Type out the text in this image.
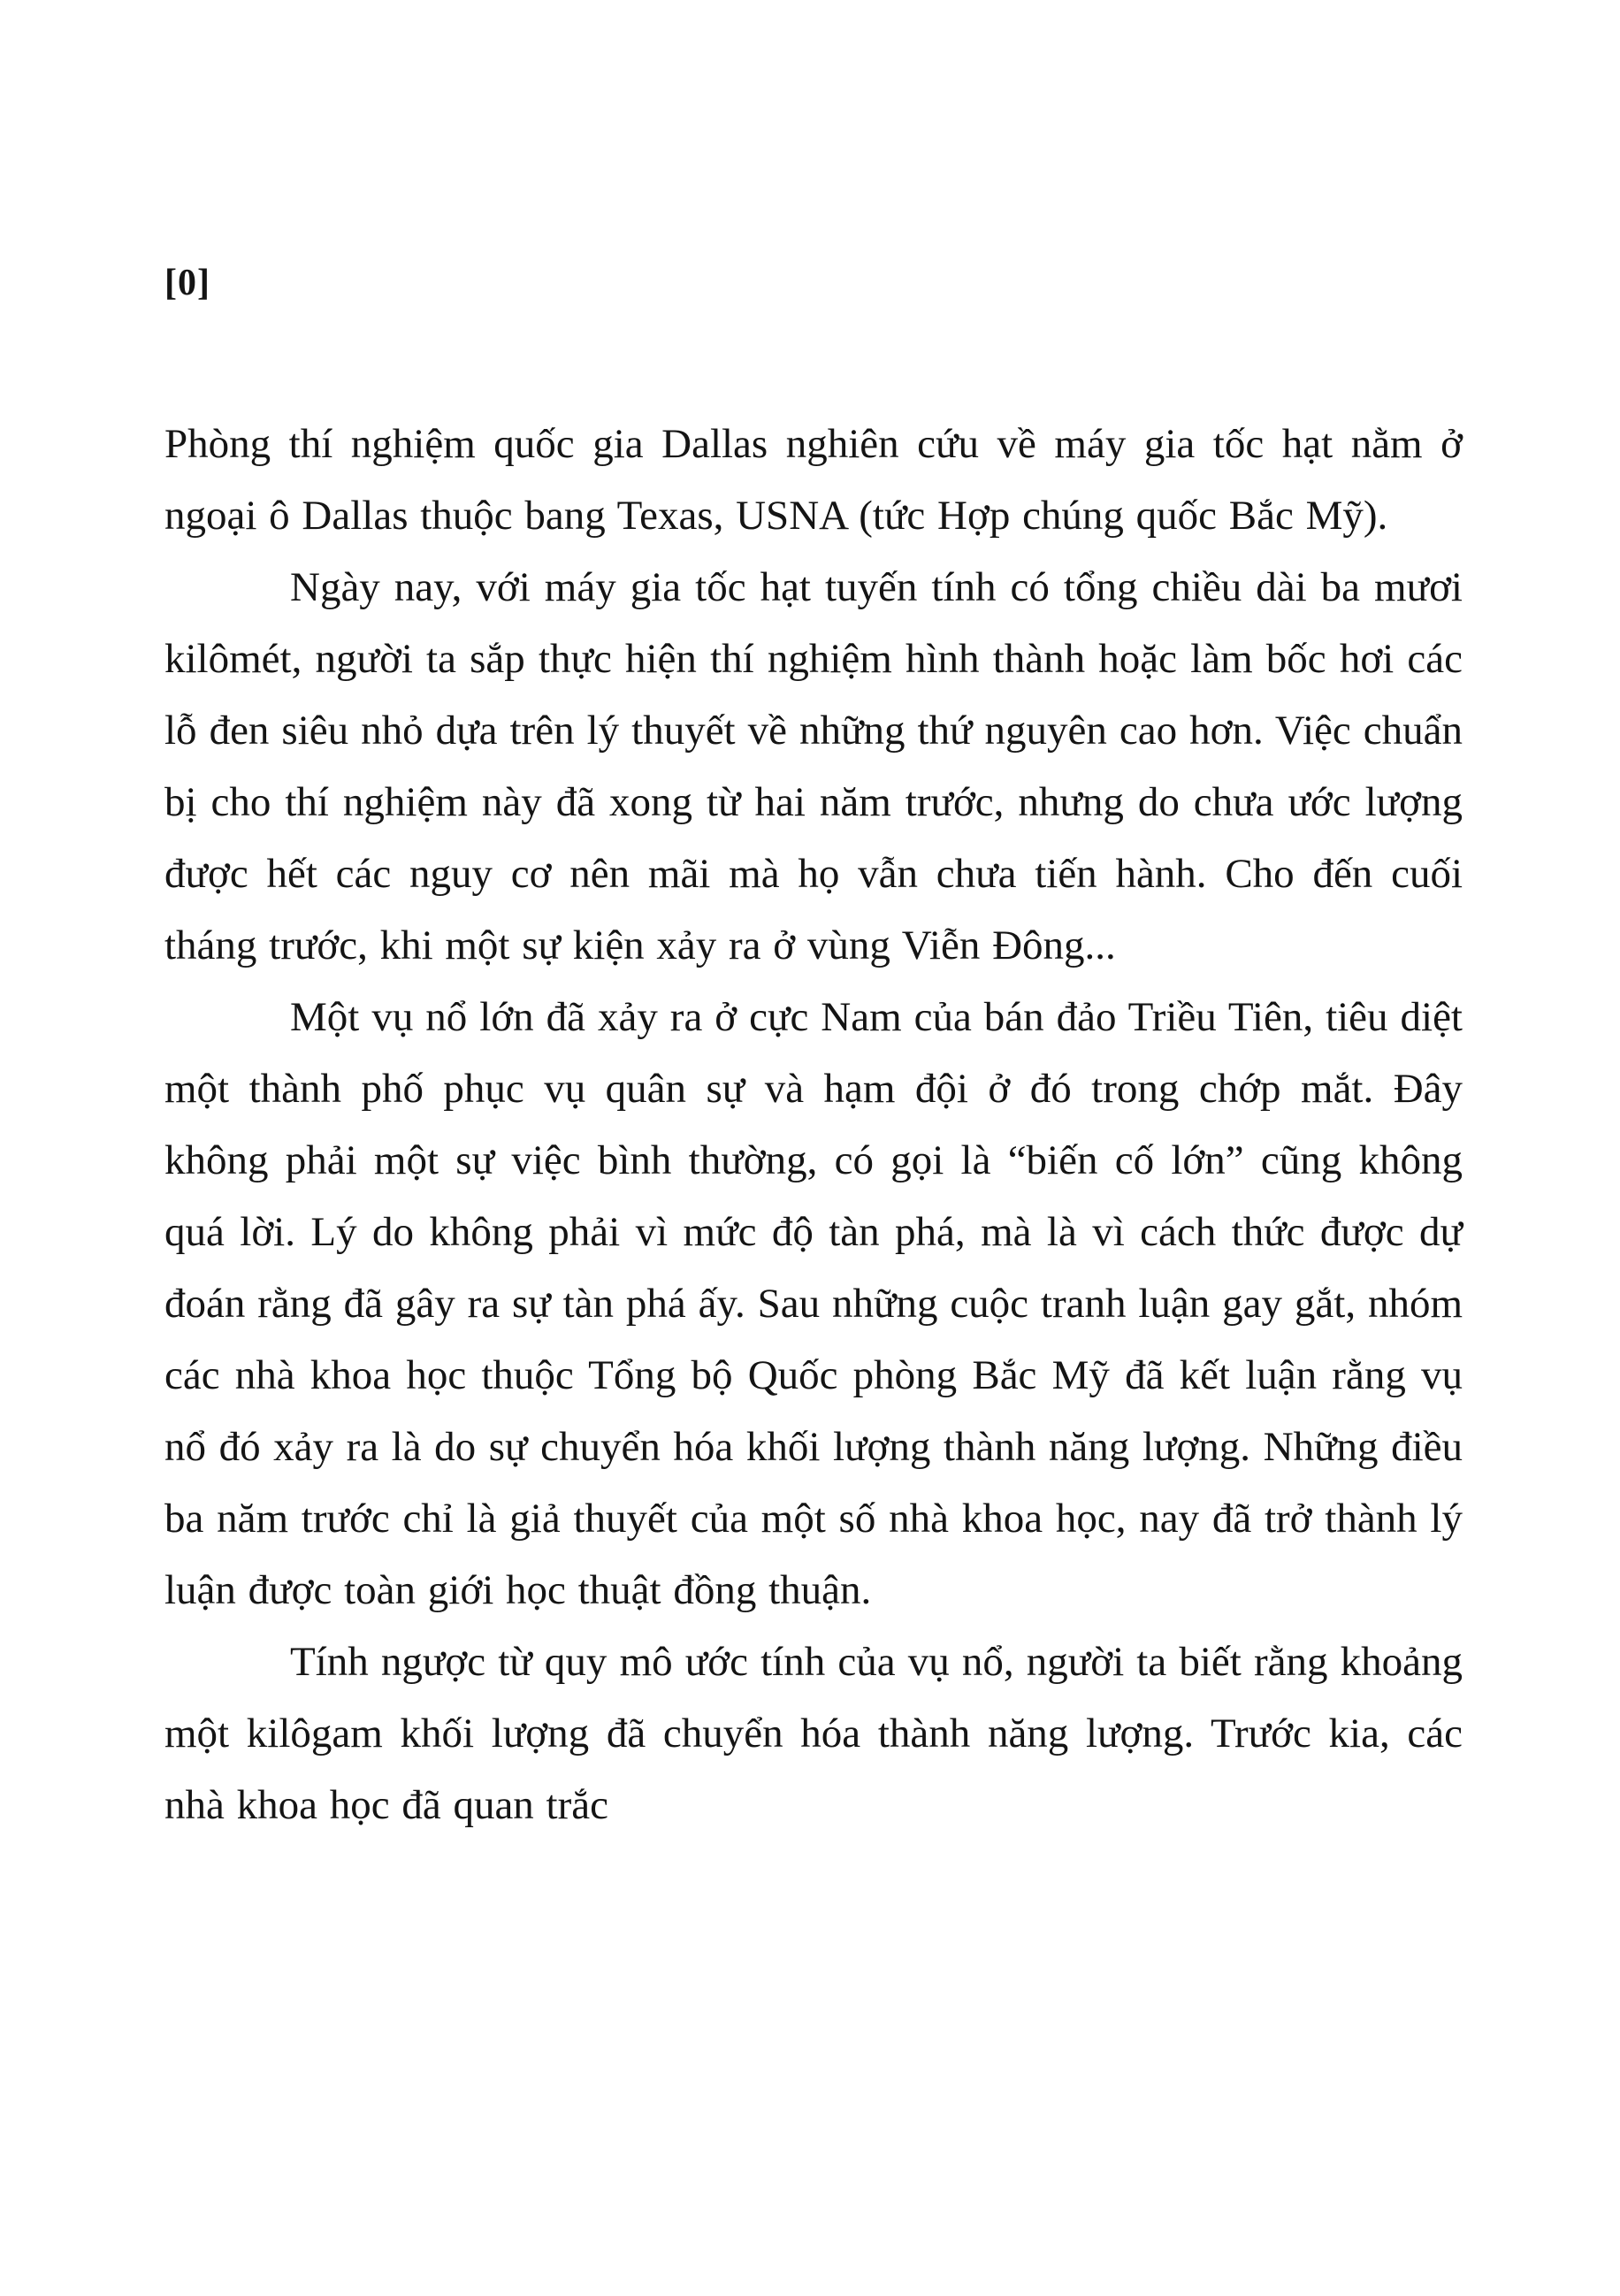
[0]

Phòng thí nghiệm quốc gia Dallas nghiên cứu về máy gia tốc hạt nằm ở ngoại ô Dallas thuộc bang Texas, USNA (tức Hợp chúng quốc Bắc Mỹ).

Ngày nay, với máy gia tốc hạt tuyến tính có tổng chiều dài ba mươi kilômét, người ta sắp thực hiện thí nghiệm hình thành hoặc làm bốc hơi các lỗ đen siêu nhỏ dựa trên lý thuyết về những thứ nguyên cao hơn. Việc chuẩn bị cho thí nghiệm này đã xong từ hai năm trước, nhưng do chưa ước lượng được hết các nguy cơ nên mãi mà họ vẫn chưa tiến hành. Cho đến cuối tháng trước, khi một sự kiện xảy ra ở vùng Viễn Đông...

Một vụ nổ lớn đã xảy ra ở cực Nam của bán đảo Triều Tiên, tiêu diệt một thành phố phục vụ quân sự và hạm đội ở đó trong chớp mắt. Đây không phải một sự việc bình thường, có gọi là “biến cố lớn” cũng không quá lời. Lý do không phải vì mức độ tàn phá, mà là vì cách thức được dự đoán rằng đã gây ra sự tàn phá ấy. Sau những cuộc tranh luận gay gắt, nhóm các nhà khoa học thuộc Tổng bộ Quốc phòng Bắc Mỹ đã kết luận rằng vụ nổ đó xảy ra là do sự chuyển hóa khối lượng thành năng lượng. Những điều ba năm trước chỉ là giả thuyết của một số nhà khoa học, nay đã trở thành lý luận được toàn giới học thuật đồng thuận.

Tính ngược từ quy mô ước tính của vụ nổ, người ta biết rằng khoảng một kilôgam khối lượng đã chuyển hóa thành năng lượng. Trước kia, các nhà khoa học đã quan trắc
